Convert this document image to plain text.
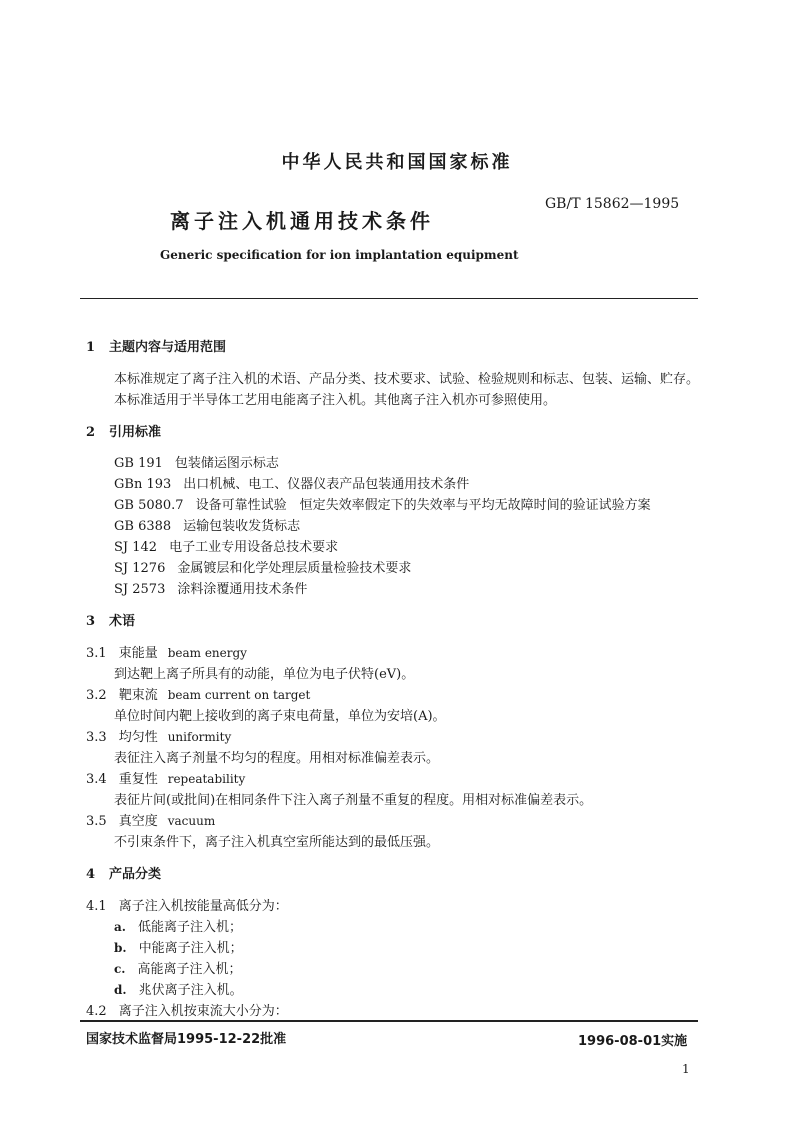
中华人民共和国国家标准
离子注入机通用技术条件
GB/T 15862—1995
Generic specification for ion implantation equipment
1 主题内容与适用范围
本标准规定了离子注入机的术语、产品分类、技术要求、试验、检验规则和标志、包装、运输、贮存。
本标准适用于半导体工艺用电能离子注入机。其他离子注入机亦可参照使用。
2 引用标准
GB 191 包装储运图示标志
GBn 193 出口机械、电工、仪器仪表产品包装通用技术条件
GB 5080.7 设备可靠性试验　恒定失效率假定下的失效率与平均无故障时间的验证试验方案
GB 6388 运输包装收发货标志
SJ 142 电子工业专用设备总技术要求
SJ 1276 金属镀层和化学处理层质量检验技术要求
SJ 2573 涂料涂覆通用技术条件
3 术语
3.1 束能量 beam energy
到达靶上离子所具有的动能，单位为电子伏特(eV)。
3.2 靶束流 beam current on target
单位时间内靶上接收到的离子束电荷量，单位为安培(A)。
3.3 均匀性 uniformity
表征注入离子剂量不均匀的程度。用相对标准偏差表示。
3.4 重复性 repeatability
表征片间(或批间)在相同条件下注入离子剂量不重复的程度。用相对标准偏差表示。
3.5 真空度 vacuum
不引束条件下，离子注入机真空室所能达到的最低压强。
4 产品分类
4.1 离子注入机按能量高低分为：
a. 低能离子注入机；
b. 中能离子注入机；
c. 高能离子注入机；
d. 兆伏离子注入机。
4.2 离子注入机按束流大小分为：
国家技术监督局1995-12-22批准	1996-08-01实施
1
